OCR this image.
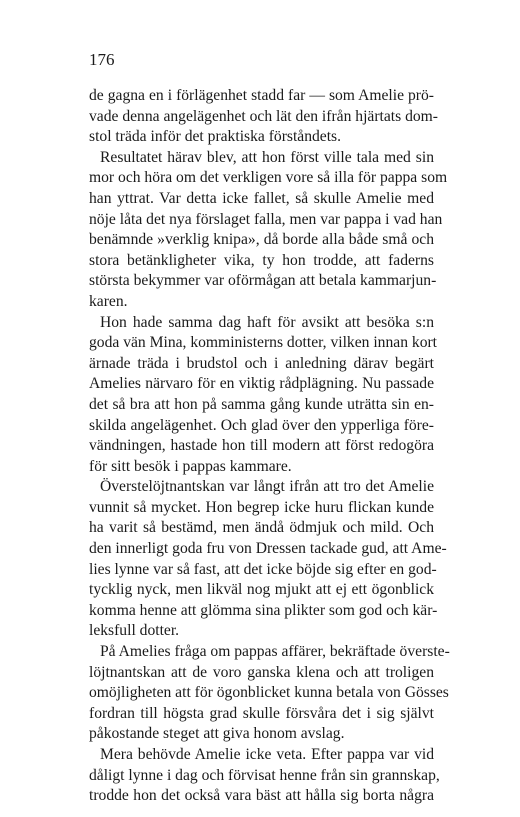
176
de gagna en i förlägenhet stadd far — som Amelie prö-
vade denna angelägenhet och lät den ifrån hjärtats dom-
stol träda inför det praktiska förståndets.
Resultatet härav blev, att hon först ville tala med sin
mor och höra om det verkligen vore så illa för pappa som
han yttrat. Var detta icke fallet, så skulle Amelie med
nöje låta det nya förslaget falla, men var pappa i vad han
benämnde »verklig knipa», då borde alla både små och
stora betänkligheter vika, ty hon trodde, att faderns
största bekymmer var oförmågan att betala kammarjun-
karen.
Hon hade samma dag haft för avsikt att besöka s:n
goda vän Mina, komministerns dotter, vilken innan kort
ärnade träda i brudstol och i anledning därav begärt
Amelies närvaro för en viktig rådplägning. Nu passade
det så bra att hon på samma gång kunde uträtta sin en-
skilda angelägenhet. Och glad över den ypperliga före-
vändningen, hastade hon till modern att först redogöra
för sitt besök i pappas kammare.
Överstelöjtnantskan var långt ifrån att tro det Amelie
vunnit så mycket. Hon begrep icke huru flickan kunde
ha varit så bestämd, men ändå ödmjuk och mild. Och
den innerligt goda fru von Dressen tackade gud, att Ame-
lies lynne var så fast, att det icke böjde sig efter en god-
tycklig nyck, men likväl nog mjukt att ej ett ögonblick
komma henne att glömma sina plikter som god och kär-
leksfull dotter.
På Amelies fråga om pappas affärer, bekräftade överste-
löjtnantskan att de voro ganska klena och att troligen
omöjligheten att för ögonblicket kunna betala von Gösses
fordran till högsta grad skulle försvåra det i sig självt
påkostande steget att giva honom avslag.
Mera behövde Amelie icke veta. Efter pappa var vid
dåligt lynne i dag och förvisat henne från sin grannskap,
trodde hon det också vara bäst att hålla sig borta några
